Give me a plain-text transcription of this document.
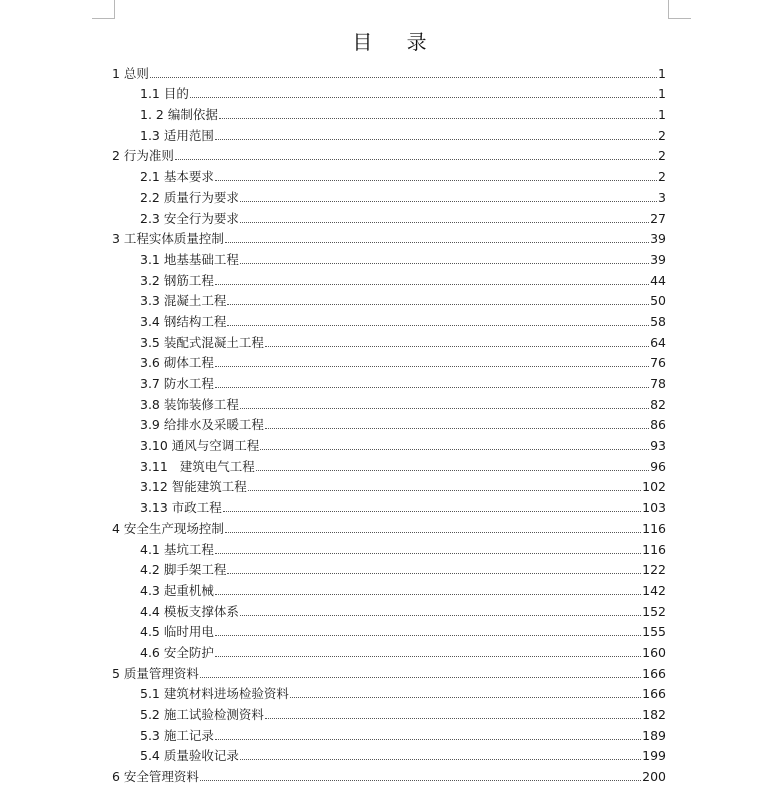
目 录
1 总则	1
1.1 目的	1
1. 2 编制依据	1
1.3 适用范围	2
2 行为准则	2
2.1 基本要求	2
2.2 质量行为要求	3
2.3 安全行为要求	27
3 工程实体质量控制	39
3.1 地基基础工程	39
3.2 钢筋工程	44
3.3 混凝土工程	50
3.4 钢结构工程	58
3.5 装配式混凝土工程	64
3.6 砌体工程	76
3.7 防水工程	78
3.8 装饰装修工程	82
3.9 给排水及采暖工程	86
3.10 通风与空调工程	93
3.11   建筑电气工程	96
3.12 智能建筑工程	102
3.13 市政工程	103
4 安全生产现场控制	116
4.1 基坑工程	116
4.2 脚手架工程	122
4.3 起重机械	142
4.4 模板支撑体系	152
4.5 临时用电	155
4.6 安全防护	160
5 质量管理资料	166
5.1 建筑材料进场检验资料	166
5.2 施工试验检测资料	182
5.3 施工记录	189
5.4 质量验收记录	199
6 安全管理资料	200
